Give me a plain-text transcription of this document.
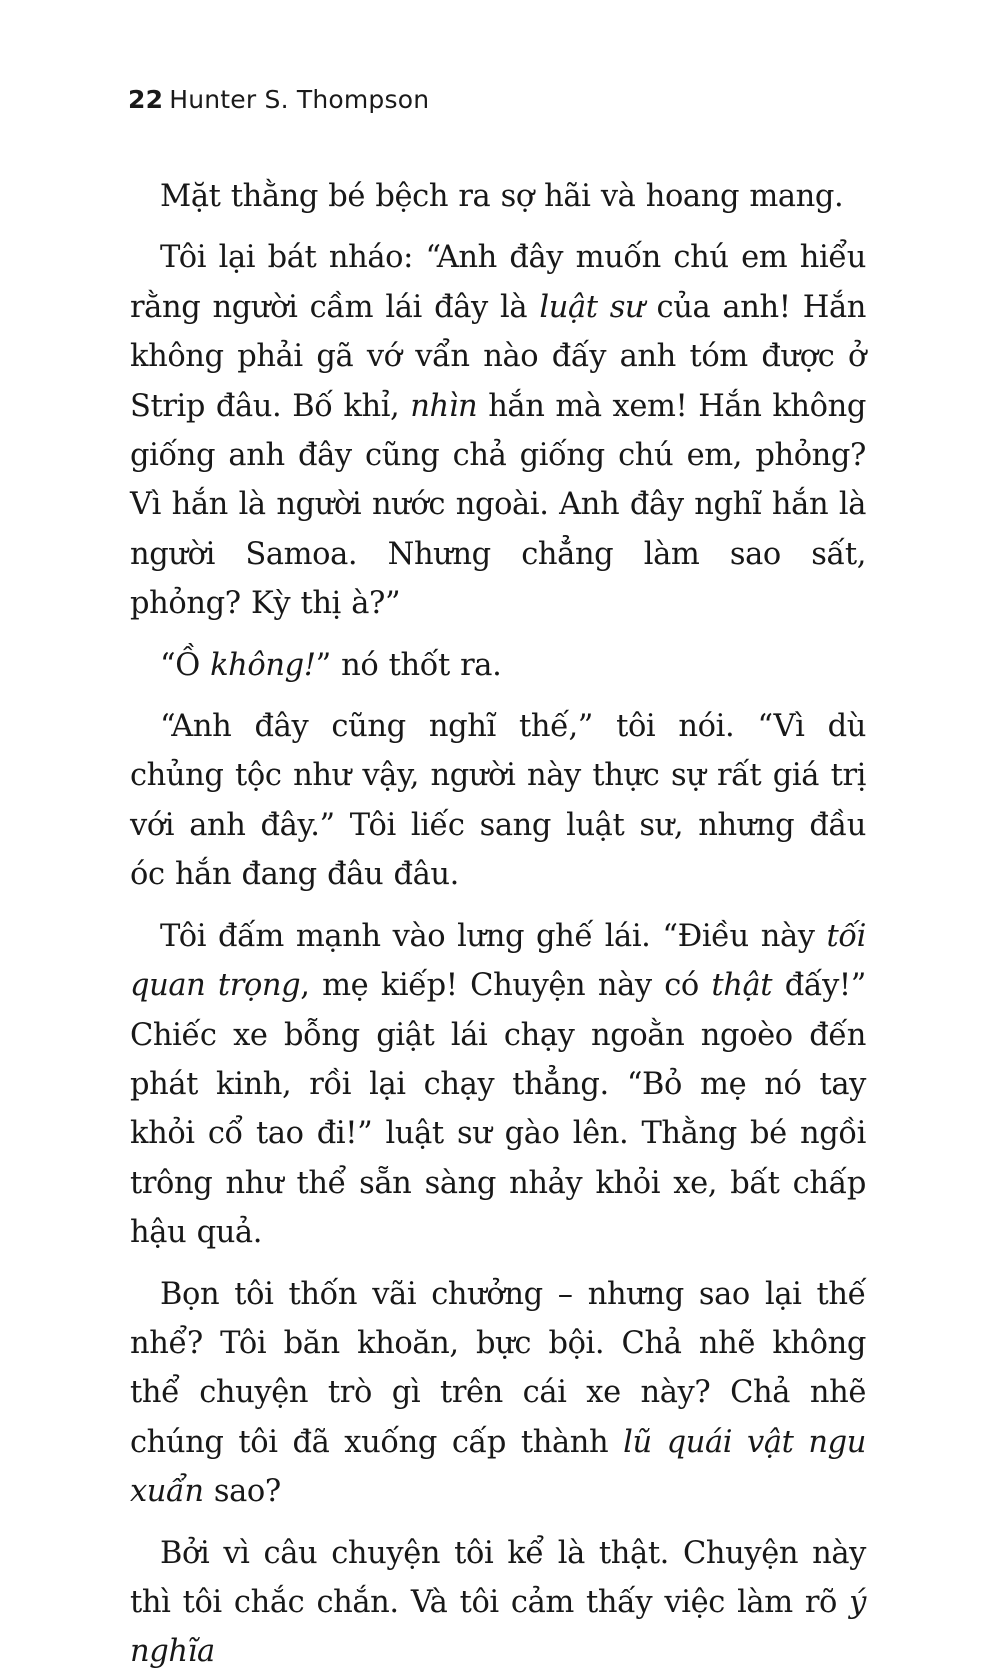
22 Hunter S. Thompson

Mặt thằng bé bệch ra sợ hãi và hoang mang.

Tôi lại bát nháo: “Anh đây muốn chú em hiểu rằng người cầm lái đây là luật sư của anh! Hắn không phải gã vớ vẩn nào đấy anh tóm được ở Strip đâu. Bố khỉ, nhìn hắn mà xem! Hắn không giống anh đây cũng chả giống chú em, phỏng? Vì hắn là người nước ngoài. Anh đây nghĩ hắn là người Samoa. Nhưng chẳng làm sao sất, phỏng? Kỳ thị à?”

“Ồ không!” nó thốt ra.

“Anh đây cũng nghĩ thế,” tôi nói. “Vì dù chủng tộc như vậy, người này thực sự rất giá trị với anh đây.” Tôi liếc sang luật sư, nhưng đầu óc hắn đang đâu đâu.

Tôi đấm mạnh vào lưng ghế lái. “Điều này tối quan trọng, mẹ kiếp! Chuyện này có thật đấy!” Chiếc xe bỗng giật lái chạy ngoằn ngoèo đến phát kinh, rồi lại chạy thẳng. “Bỏ mẹ nó tay khỏi cổ tao đi!” luật sư gào lên. Thằng bé ngồi trông như thể sẵn sàng nhảy khỏi xe, bất chấp hậu quả.

Bọn tôi thốn vãi chưởng – nhưng sao lại thế nhể? Tôi băn khoăn, bực bội. Chả nhẽ không thể chuyện trò gì trên cái xe này? Chả nhẽ chúng tôi đã xuống cấp thành lũ quái vật ngu xuẩn sao?

Bởi vì câu chuyện tôi kể là thật. Chuyện này thì tôi chắc chắn. Và tôi cảm thấy việc làm rõ ý nghĩa
